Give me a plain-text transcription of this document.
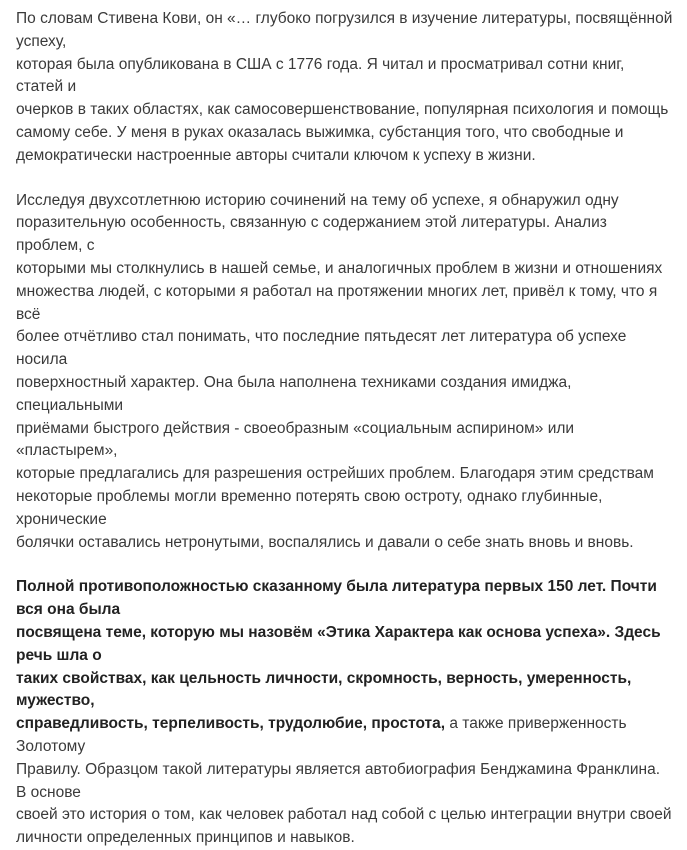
По словам Стивена Кови, он «… глубоко погрузился в изучение литературы, посвящённой успеху,
которая была опубликована в США с 1776 года. Я читал и просматривал сотни книг, статей и
очерков в таких областях, как самосовершенствование, популярная психология и помощь
самому себе. У меня в руках оказалась выжимка, субстанция того, что свободные и
демократически настроенные авторы считали ключом к успеху в жизни.

Исследуя двухсотлетнюю историю сочинений на тему об успехе, я обнаружил одну
поразительную особенность, связанную с содержанием этой литературы. Анализ проблем, с
которыми мы столкнулись в нашей семье, и аналогичных проблем в жизни и отношениях
множества людей, с которыми я работал на протяжении многих лет, привёл к тому, что я всё
более отчётливо стал понимать, что последние пятьдесят лет литература об успехе носила
поверхностный характер. Она была наполнена техниками создания имиджа, специальными
приёмами быстрого действия - своеобразным «социальным аспирином» или «пластырем»,
которые предлагались для разрешения острейших проблем. Благодаря этим средствам
некоторые проблемы могли временно потерять свою остроту, однако глубинные, хронические
болячки оставались нетронутыми, воспалялись и давали о себе знать вновь и вновь.

Полной противоположностью сказанному была литература первых 150 лет. Почти вся она была
посвящена теме, которую мы назовём «Этика Характера как основа успеха». Здесь речь шла о
таких свойствах, как цельность личности, скромность, верность, умеренность, мужество,
справедливость, терпеливость, трудолюбие, простота, а также приверженность Золотому
Правилу. Образцом такой литературы является автобиография Бенджамина Франклина. В основе
своей это история о том, как человек работал над собой с целью интеграции внутри своей
личности определенных принципов и навыков.
